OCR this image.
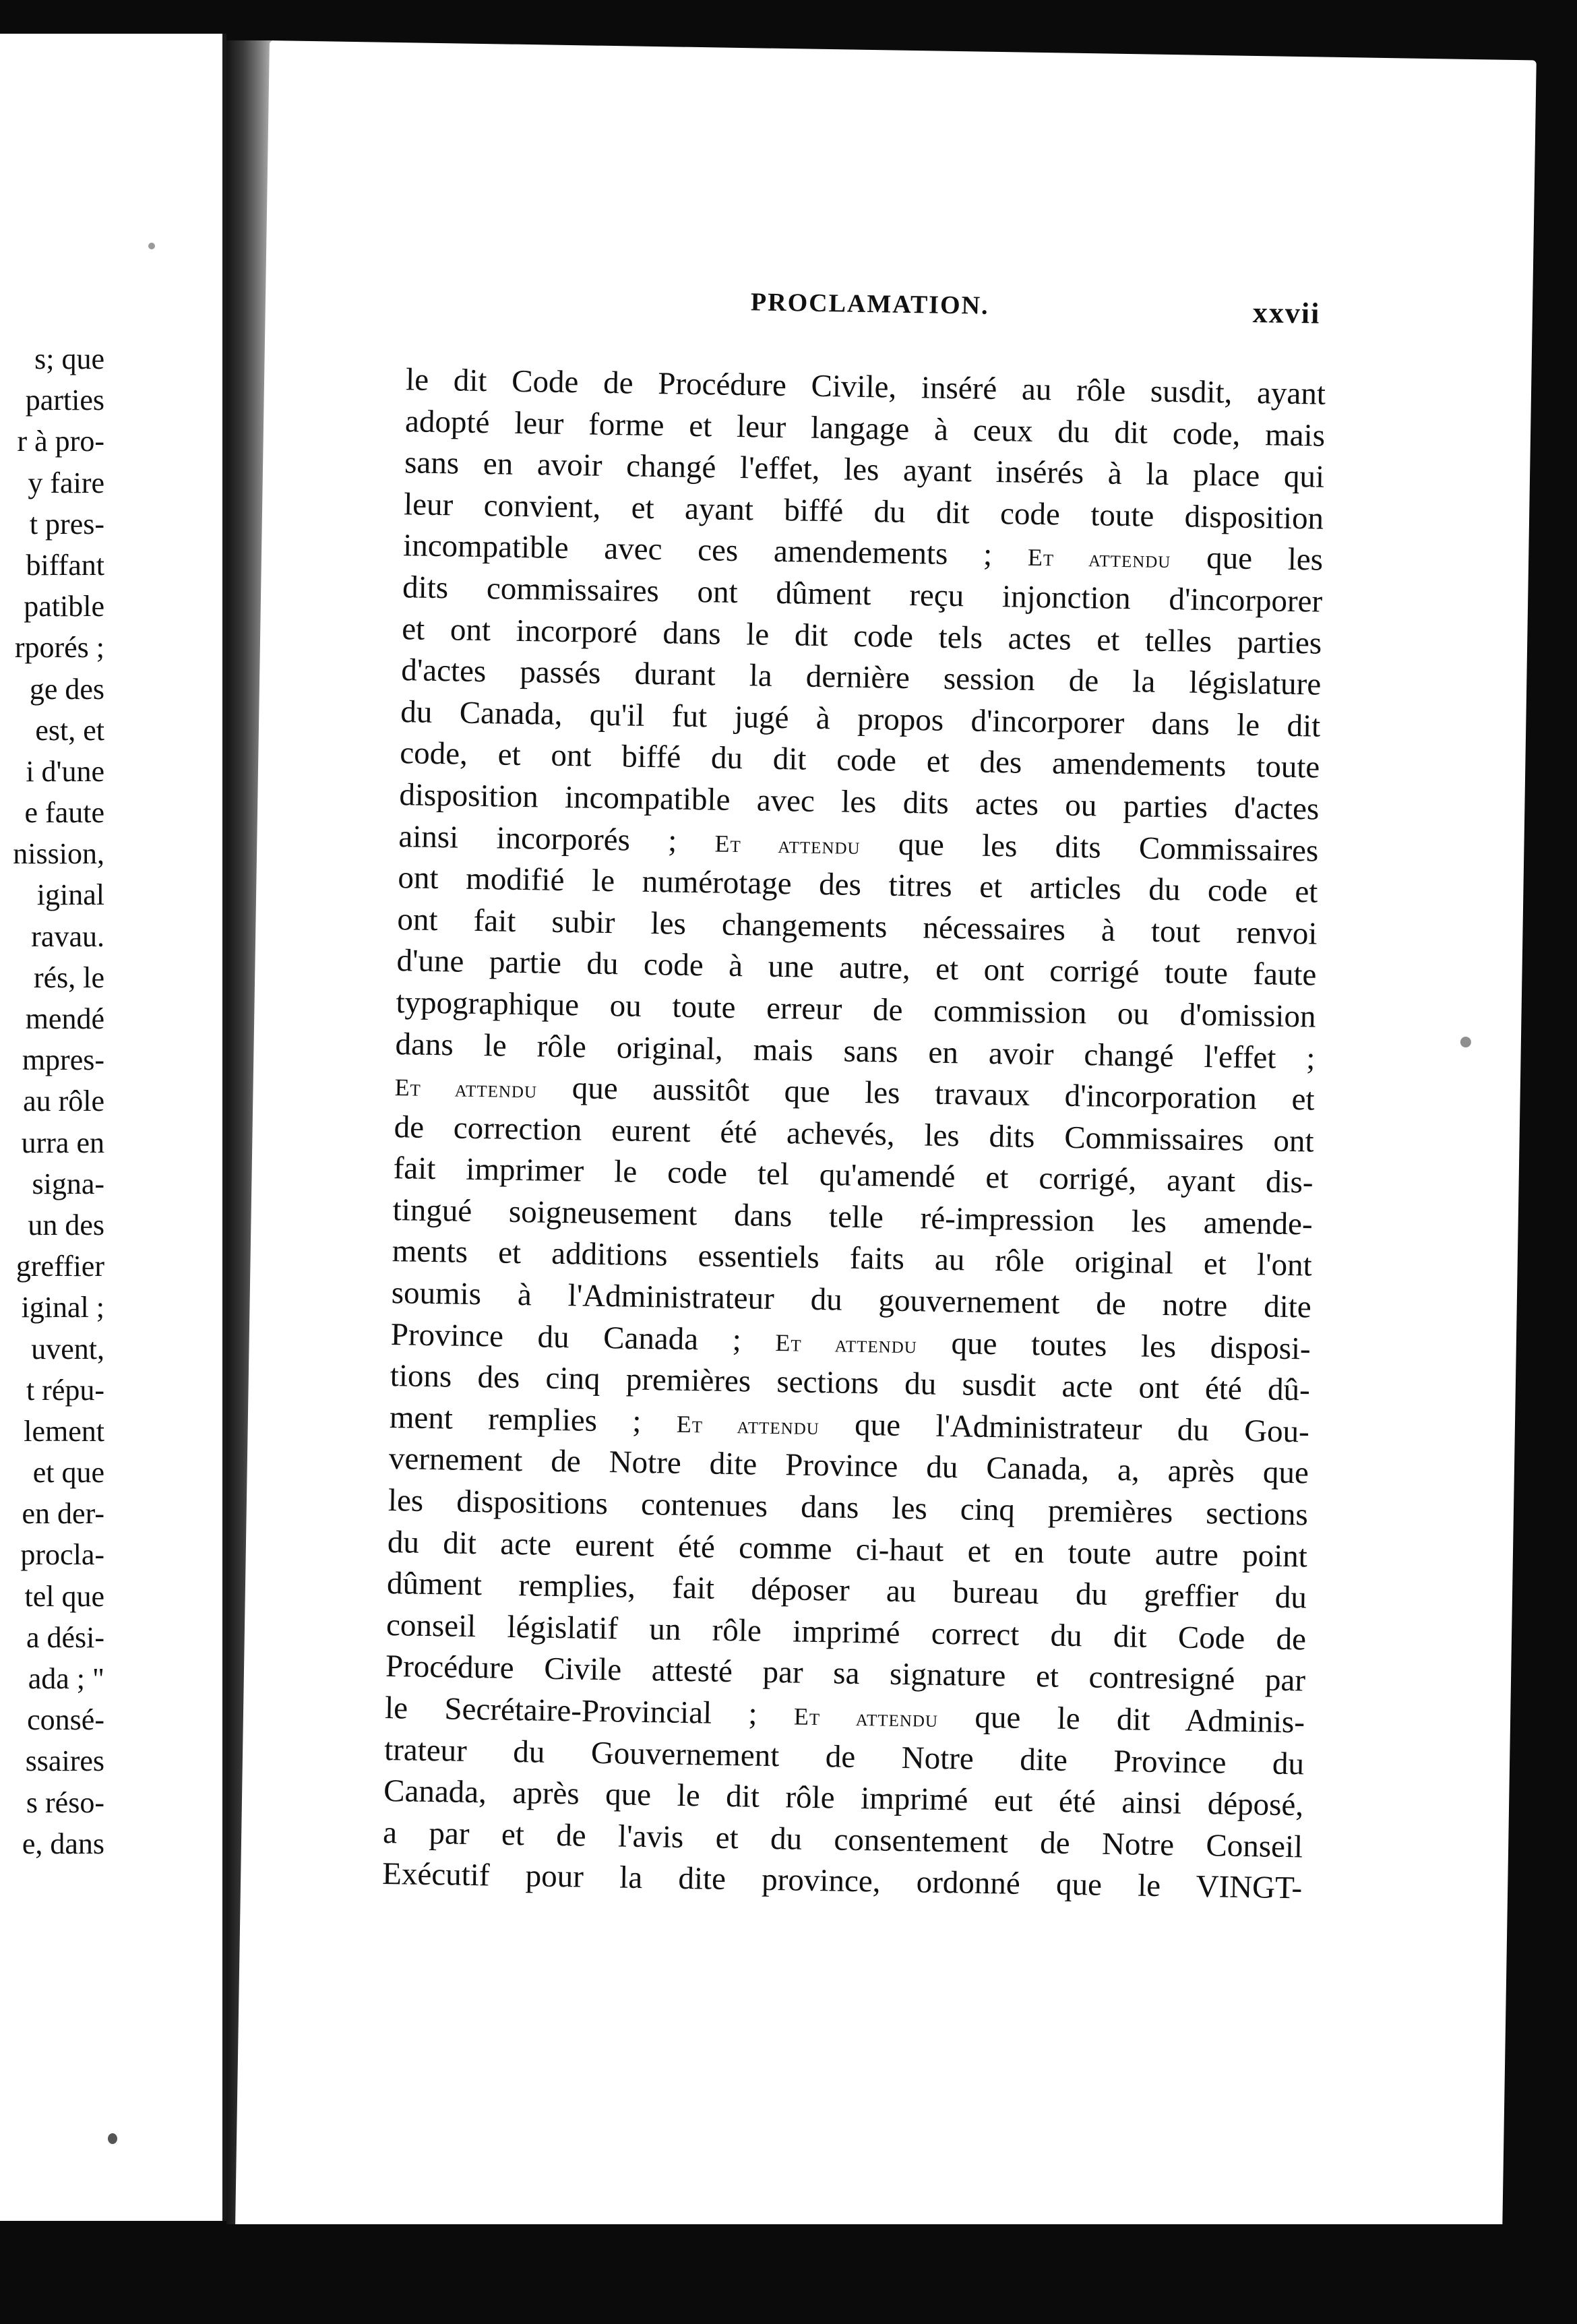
s; que
parties
r à pro-
y faire
t pres-
biffant
patible
rporés ;
ge des
est, et
i d'une
e faute
nission,
iginal
ravau.
rés, le
mendé
mpres-
au rôle
urra en
signa-
un des
greffier
iginal ;
uvent,
t répu-
lement
et que
en der-
procla-
tel que
a dési-
ada ; "
consé-
ssaires
s réso-
e, dans
PROCLAMATION.	xxvii
le dit Code de Procédure Civile, inséré au rôle susdit, ayant
adopté leur forme et leur langage à ceux du dit code, mais
sans en avoir changé l'effet, les ayant insérés à la place qui
leur convient, et ayant biffé du dit code toute disposition
incompatible avec ces amendements ; Et attendu que les
dits commissaires ont dûment reçu injonction d'incorporer
et ont incorporé dans le dit code tels actes et telles parties
d'actes passés durant la dernière session de la législature
du Canada, qu'il fut jugé à propos d'incorporer dans le dit
code, et ont biffé du dit code et des amendements toute
disposition incompatible avec les dits actes ou parties d'actes
ainsi incorporés ; Et attendu que les dits Commissaires
ont modifié le numérotage des titres et articles du code et
ont fait subir les changements nécessaires à tout renvoi
d'une partie du code à une autre, et ont corrigé toute faute
typographique ou toute erreur de commission ou d'omission
dans le rôle original, mais sans en avoir changé l'effet ;
Et attendu que aussitôt que les travaux d'incorporation et
de correction eurent été achevés, les dits Commissaires ont
fait imprimer le code tel qu'amendé et corrigé, ayant dis-
tingué soigneusement dans telle ré-impression les amende-
ments et additions essentiels faits au rôle original et l'ont
soumis à l'Administrateur du gouvernement de notre dite
Province du Canada ; Et attendu que toutes les disposi-
tions des cinq premières sections du susdit acte ont été dû-
ment remplies ; Et attendu que l'Administrateur du Gou-
vernement de Notre dite Province du Canada, a, après que
les dispositions contenues dans les cinq premières sections
du dit acte eurent été comme ci-haut et en toute autre point
dûment remplies, fait déposer au bureau du greffier du
conseil législatif un rôle imprimé correct du dit Code de
Procédure Civile attesté par sa signature et contresigné par
le Secrétaire-Provincial ; Et attendu que le dit Adminis-
trateur du Gouvernement de Notre dite Province du
Canada, après que le dit rôle imprimé eut été ainsi déposé,
a par et de l'avis et du consentement de Notre Conseil
Exécutif pour la dite province, ordonné que le VINGT-
